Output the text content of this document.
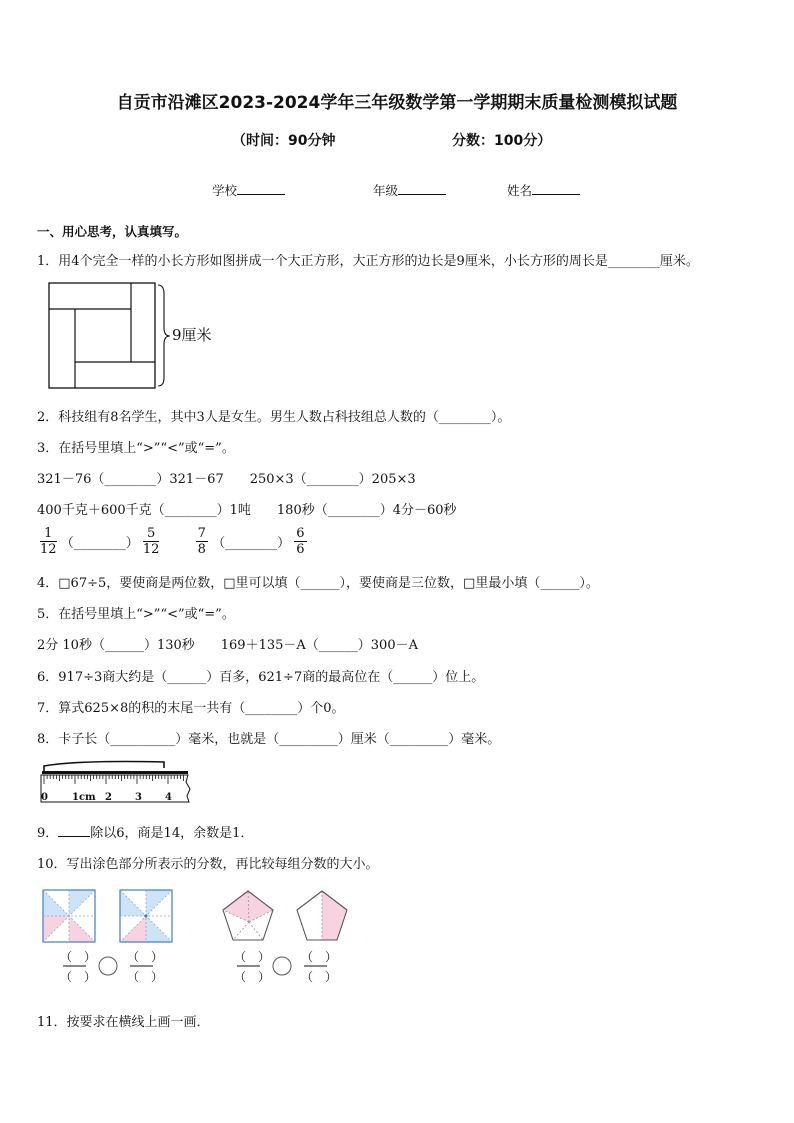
自贡市沿滩区2023-2024学年三年级数学第一学期期末质量检测模拟试题
（时间：90分钟	分数：100分）
学校	年级	姓名
一、用心思考，认真填写。
1．用4个完全一样的小长方形如图拼成一个大正方形，大正方形的边长是9厘米，小长方形的周长是________厘米。
9厘米
2．科技组有8名学生，其中3人是女生。男生人数占科技组总人数的（________）。
3．在括号里填上“>”“<”或“=”。
321－76（________）321－67　　250×3（________）205×3
400千克＋600千克（________）1吨　　180秒（________）4分－60秒
$\frac{1}{12}$ （________） $\frac{5}{12}$
	$\frac{7}{8}$ （________） $\frac{6}{6}$
4．□67÷5，要使商是两位数，□里可以填（______），要使商是三位数，□里最小填（______）。
5．在括号里填上“>”“<”或“=”。
2分 10秒（______）130秒　　169＋135－A（______）300－A
6．917÷3商大约是（______）百多，621÷7商的最高位在（______）位上。
7．算式625×8的积的末尾一共有（________）个0。
8．卡子长（__________）毫米，也就是（_________）厘米（_________）毫米。
0 1cm 2 3 4
9． 除以6，商是14，余数是1．
10．写出涂色部分所表示的分数，再比较每组分数的大小。
（　）
（　）
（　）
（　）
（　）
（　）
（　）
（　）
11．按要求在横线上画一画．
